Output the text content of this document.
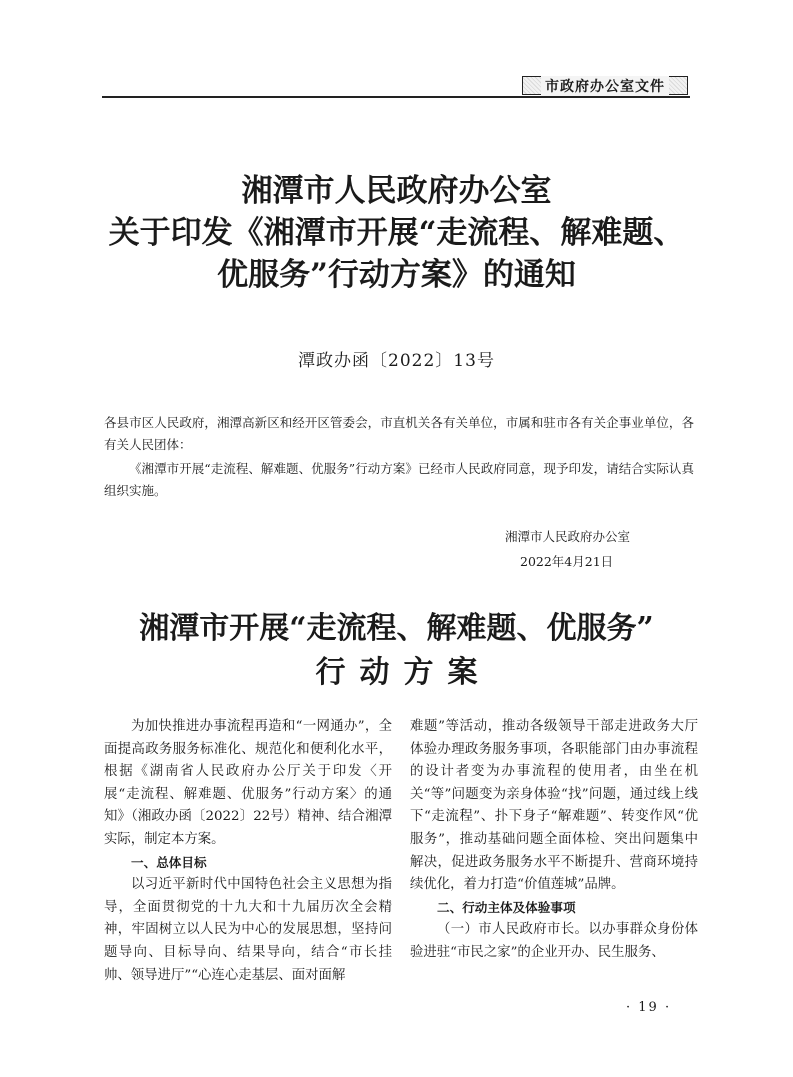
市政府办公室文件
湘潭市人民政府办公室
关于印发《湘潭市开展“走流程、解难题、
优服务”行动方案》的通知
潭政办函〔2022〕13号
各县市区人民政府，湘潭高新区和经开区管委会，市直机关各有关单位，市属和驻市各有关企事业单位，各有关人民团体：
《湘潭市开展“走流程、解难题、优服务”行动方案》已经市人民政府同意，现予印发，请结合实际认真组织实施。
湘潭市人民政府办公室
2022年4月21日
湘潭市开展“走流程、解难题、优服务”
行动方案

为加快推进办事流程再造和“一网通办”，全面提高政务服务标准化、规范化和便利化水平，根据《湖南省人民政府办公厅关于印发〈开展“走流程、解难题、优服务”行动方案〉的通知》（湘政办函〔2022〕22号）精神、结合湘潭实际，制定本方案。

一、总体目标

以习近平新时代中国特色社会主义思想为指导，全面贯彻党的十九大和十九届历次全会精神，牢固树立以人民为中心的发展思想，坚持问题导向、目标导向、结果导向，结合“市长挂帅、领导进厅”“心连心走基层、面对面解

难题”等活动，推动各级领导干部走进政务大厅体验办理政务服务事项，各职能部门由办事流程的设计者变为办事流程的使用者，由坐在机关“等”问题变为亲身体验“找”问题，通过线上线下“走流程”、扑下身子“解难题”、转变作风“优服务”，推动基础问题全面体检、突出问题集中解决，促进政务服务水平不断提升、营商环境持续优化，着力打造“价值莲城”品牌。

二、行动主体及体验事项

（一）市人民政府市长。以办事群众身份体验进驻“市民之家”的企业开办、民生服务、

· 19 ·
